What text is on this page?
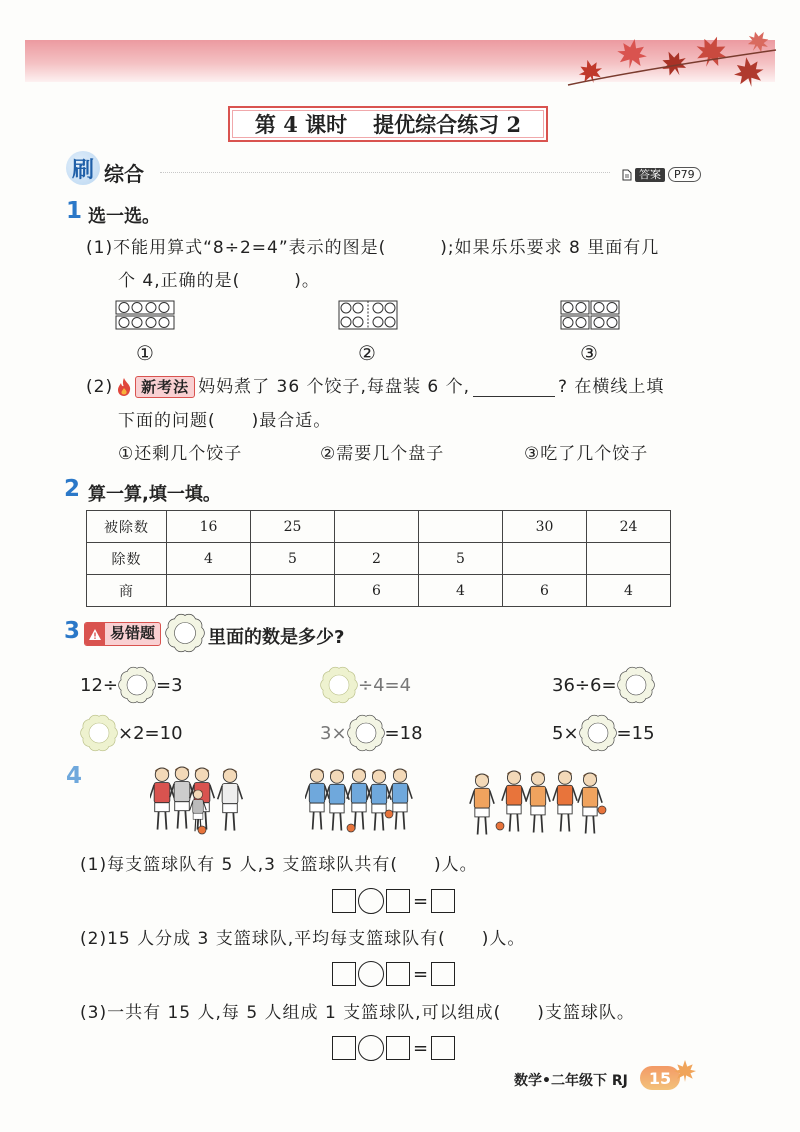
第 4 课时 提优综合练习 2
刷 综合	答案	P79
1 选一选。
(1)不能用算式“8÷2=4”表示的图是(　　　);如果乐乐要求 8 里面有几
个 4,正确的是(　　　)。
①	②	③
(2)	新考法 妈妈煮了 36 个饺子,每盘装 6 个,	? 在横线上填
下面的问题(　　)最合适。
①还剩几个饺子	②需要几个盘子	③吃了几个饺子
2 算一算,填一填。
被除数	16	25			30	24
除数	4	5	2	5		
商			6	4	6	4
3	易错题	里面的数是多少?
12÷ =3	÷4=4	36÷6=
×2=10	3× =18	5× =15
4
(1)每支篮球队有 5 人,3 支篮球队共有(　　)人。
=
(2)15 人分成 3 支篮球队,平均每支篮球队有(　　)人。
=
(3)一共有 15 人,每 5 人组成 1 支篮球队,可以组成(　　)支篮球队。
=
数学•二年级下 RJ 15
